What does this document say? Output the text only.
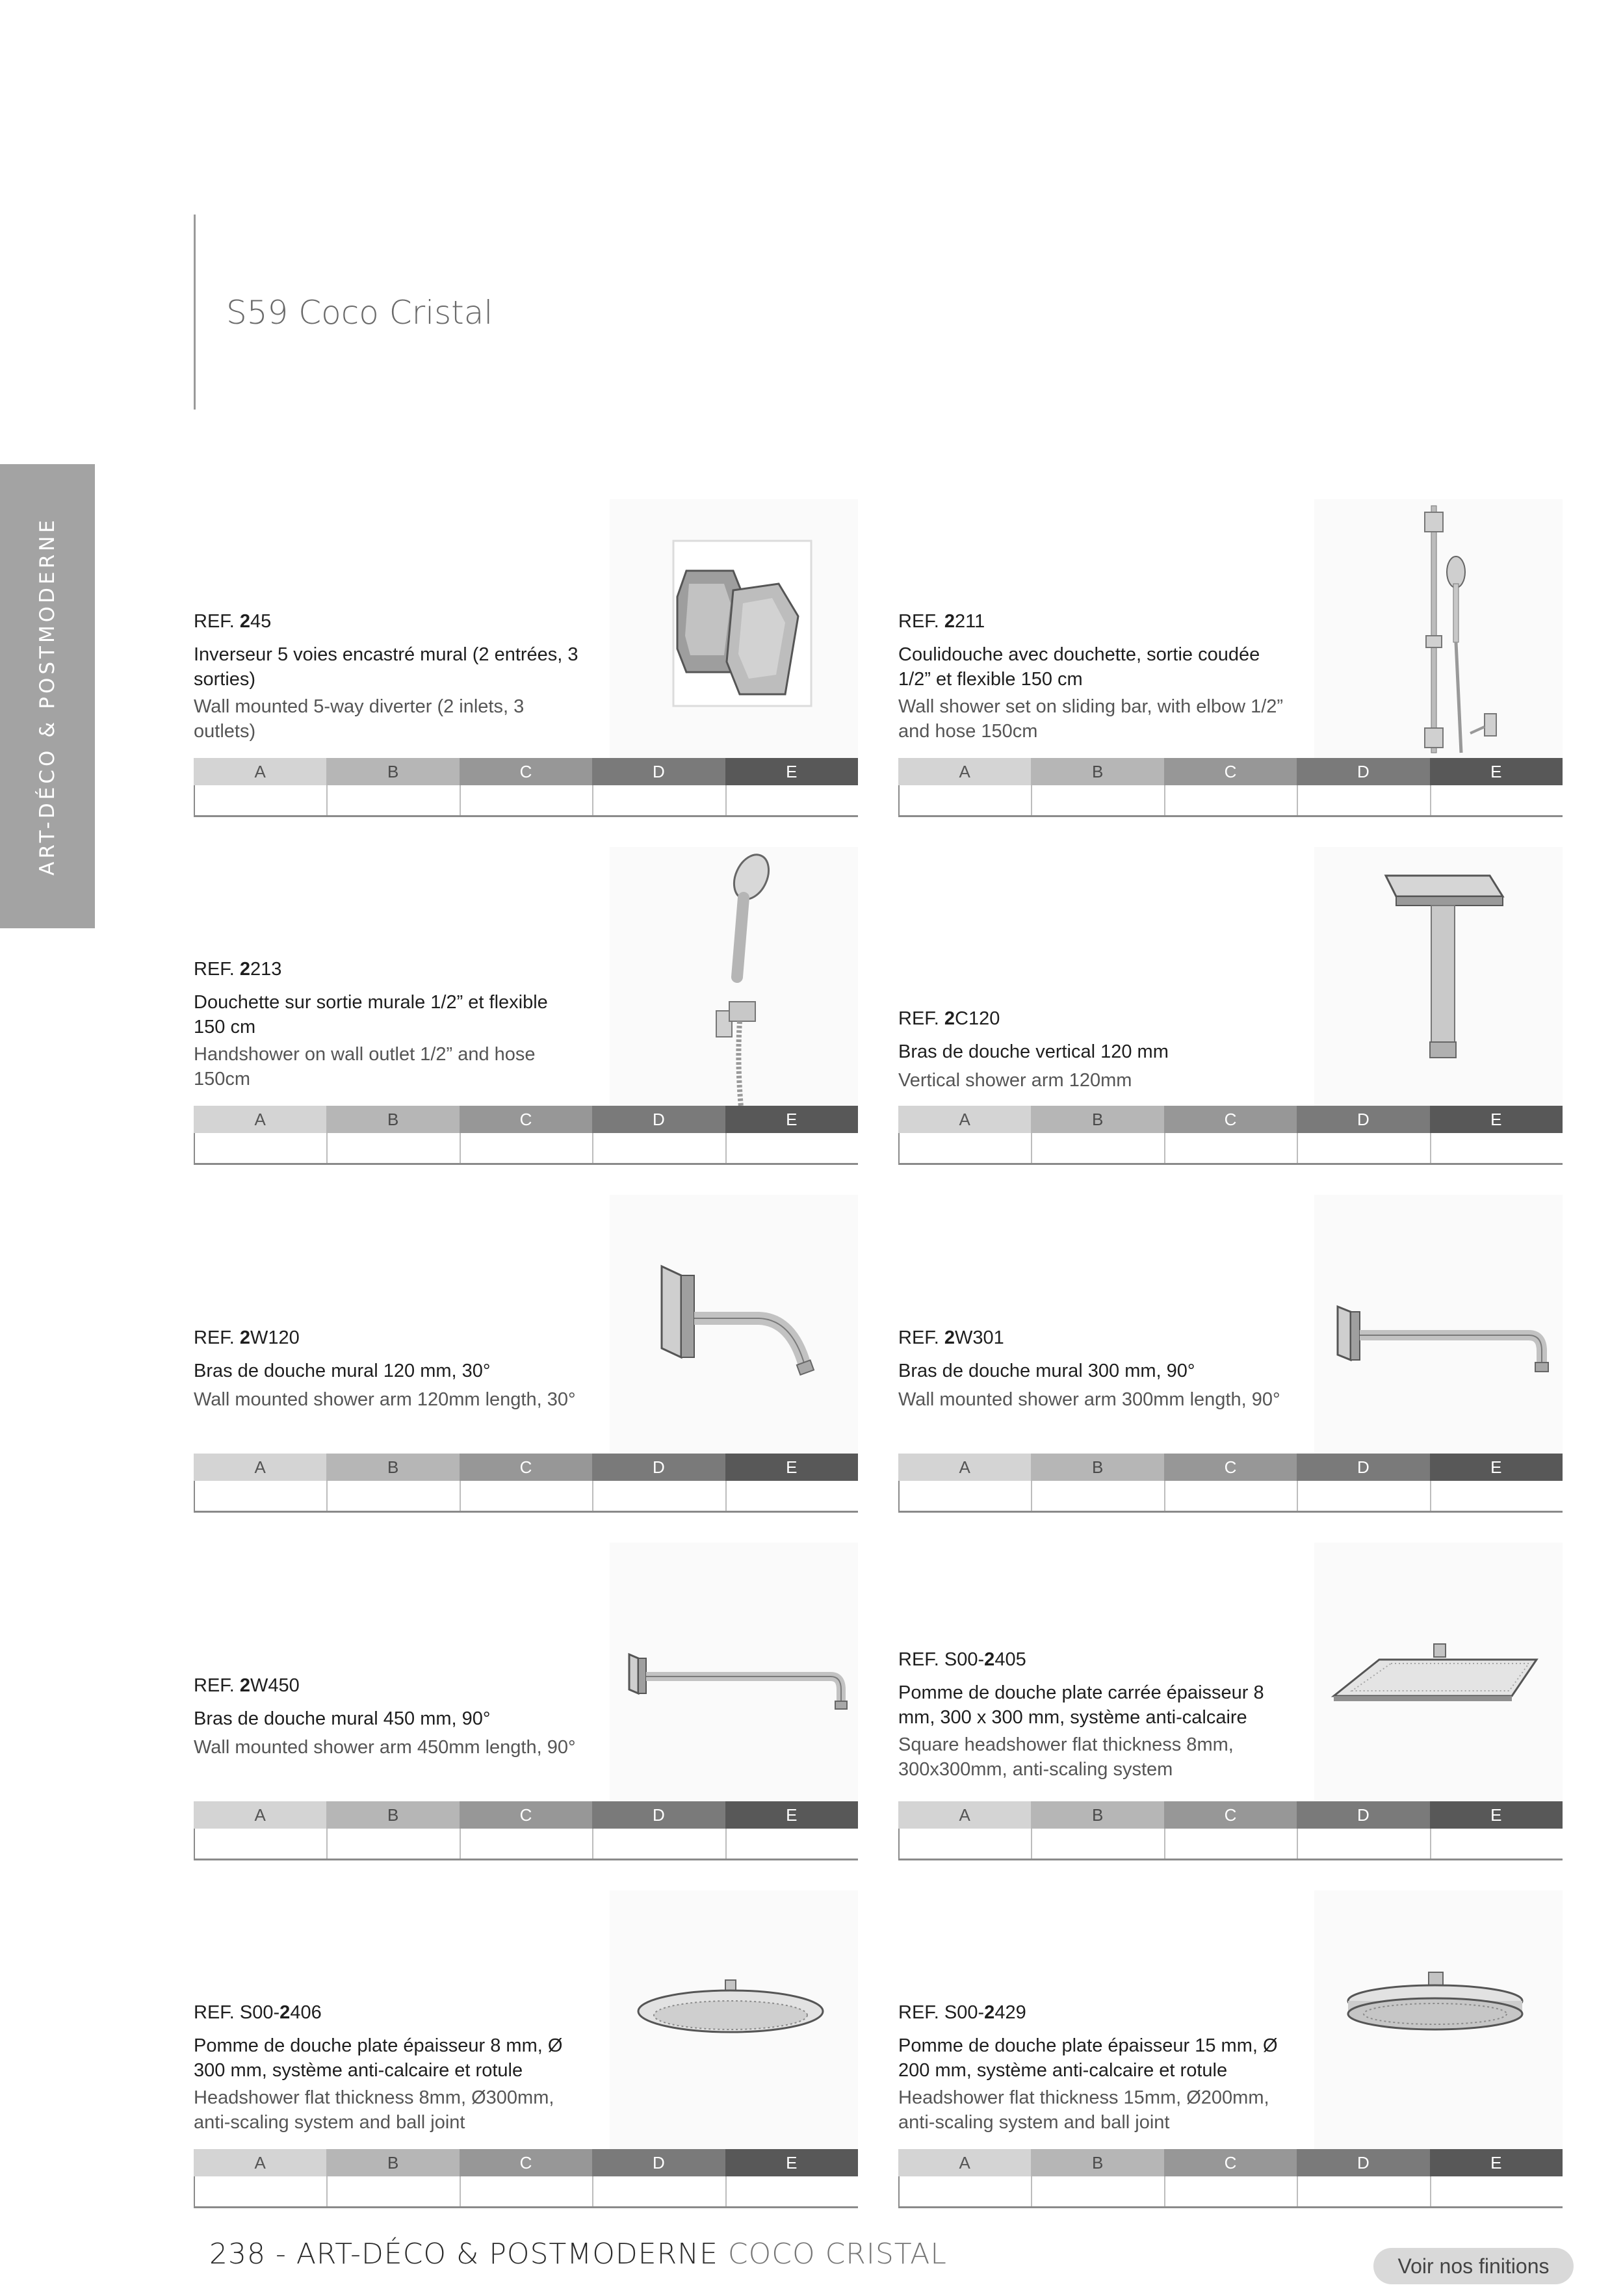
S59 Coco Cristal
ART-DÉCO & POSTMODERNE	REF. 245
Inverseur 5 voies encastré mural (2 entrées, 3 sorties)
Wall mounted 5-way diverter (2 inlets, 3 outlets)
A	B	C	D	E
REF. 2211
Coulidouche avec douchette, sortie coudée 1/2” et flexible 150 cm
Wall shower set on sliding bar, with elbow 1/2” and hose 150cm
A	B	C	D	E
REF. 2213
Douchette sur sortie murale 1/2” et flexible 150 cm
Handshower on wall outlet 1/2” and hose 150cm
A	B	C	D	E
REF. 2C120
Bras de douche vertical 120 mm
Vertical shower arm 120mm
A	B	C	D	E
REF. 2W120
Bras de douche mural 120 mm, 30°
Wall mounted shower arm 120mm length, 30°
A	B	C	D	E
REF. 2W301
Bras de douche mural 300 mm, 90°
Wall mounted shower arm 300mm length, 90°
A	B	C	D	E
REF. 2W450
Bras de douche mural 450 mm, 90°
Wall mounted shower arm 450mm length, 90°
A	B	C	D	E
REF. S00-2405
Pomme de douche plate carrée épaisseur 8 mm, 300 x 300 mm, système anti-calcaire
Square headshower flat thickness 8mm, 300x300mm, anti-scaling system
A	B	C	D	E
REF. S00-2406
Pomme de douche plate épaisseur 8 mm, Ø 300 mm, système anti-calcaire et rotule
Headshower flat thickness 8mm, Ø300mm, anti-scaling system and ball joint
A	B	C	D	E
REF. S00-2429
Pomme de douche plate épaisseur 15 mm, Ø 200 mm, système anti-calcaire et rotule
Headshower flat thickness 15mm, Ø200mm, anti-scaling system and ball joint
A	B	C	D	E
238 - ART-DÉCO & POSTMODERNE COCO CRISTAL	Voir nos finitions
